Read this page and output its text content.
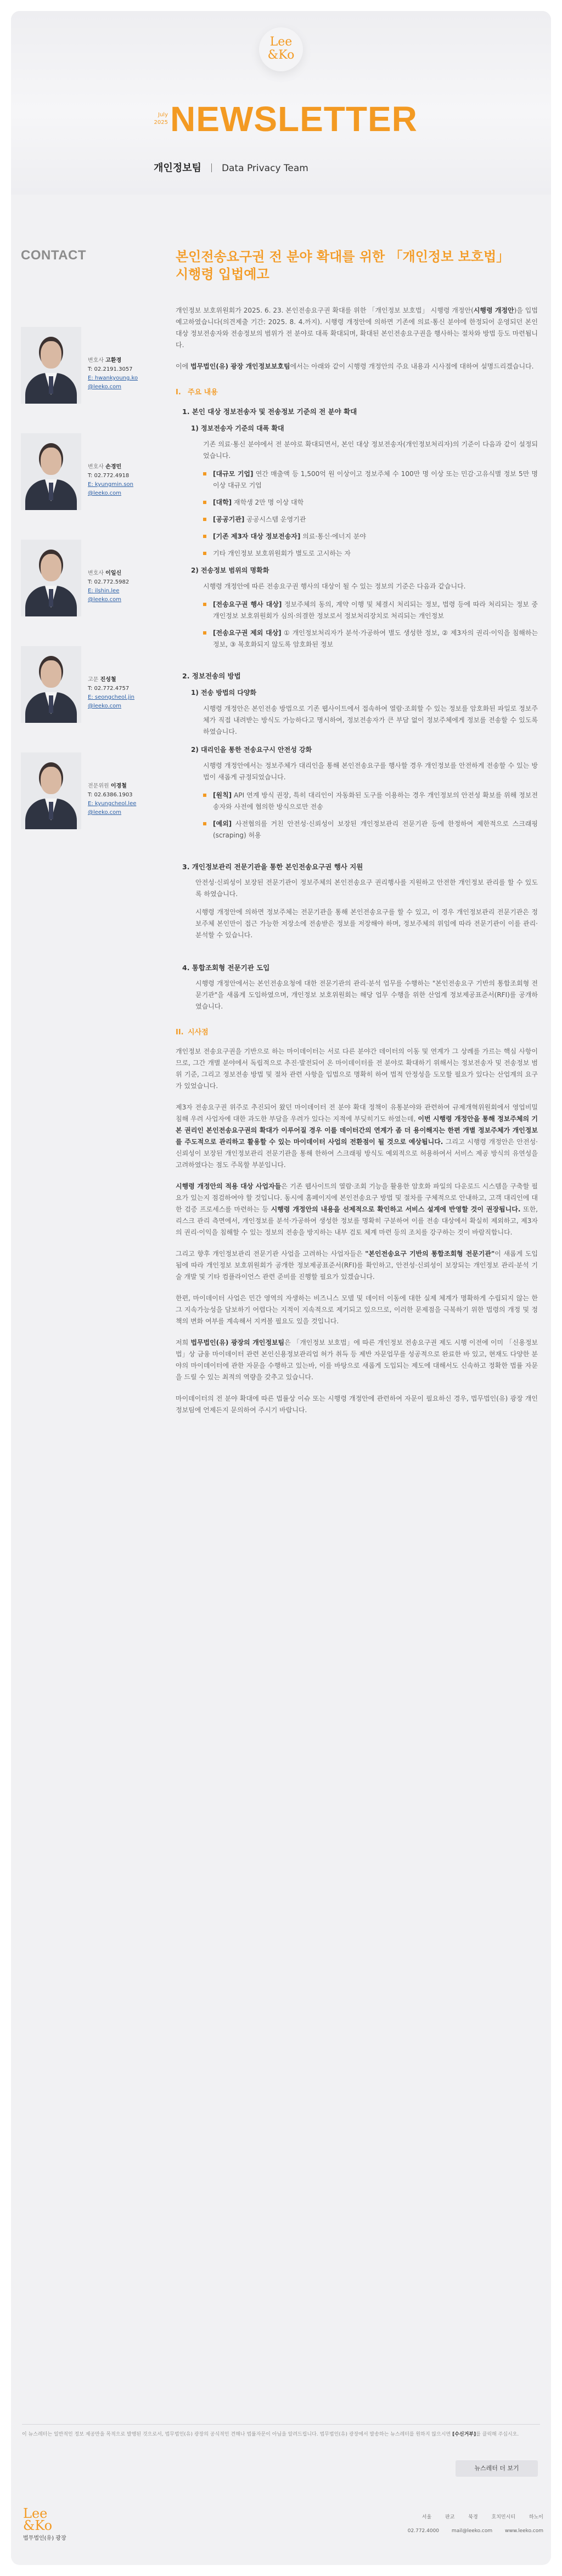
Lee
&Ko
July
2025 NEWSLETTER
개인정보팀 Data Privacy Team
CONTACT
변호사 고환경
T: 02.2191.3057
E: hwankyoung.ko
@leeko.com
변호사 손경민
T: 02.772.4918
E: kyungmin.son
@leeko.com
변호사 이일신
T: 02.772.5982
E: ilshin.lee
@leeko.com
고문 진성철
T: 02.772.4757
E: seongcheol.jin
@leeko.com
전문위원 이경철
T: 02.6386.1903
E: kyungcheol.lee
@leeko.com
본인전송요구권 전 분야 확대를 위한 「개인정보 보호법」
시행령 입법예고

개인정보 보호위원회가 2025. 6. 23. 본인전송요구권 확대를 위한 「개인정보 보호법」 시행령 개정안(시행령 개정안)을 입법예고하였습니다(의견제출 기간: 2025. 8. 4.까지). 시행령 개정안에 의하면 기존에 의료·통신 분야에 한정되어 운영되던 본인 대상 정보전송자와 전송정보의 범위가 전 분야로 대폭 확대되며, 확대된 본인전송요구권을 행사하는 절차와 방법 등도 마련됩니다.

이에 법무법인(유) 광장 개인정보보호팀에서는 아래와 같이 시행령 개정안의 주요 내용과 시사점에 대하여 설명드리겠습니다.

I. 주요 내용
1. 본인 대상 정보전송자 및 전송정보 기준의 전 분야 확대
1) 정보전송자 기준의 대폭 확대

기존 의료·통신 분야에서 전 분야로 확대되면서, 본인 대상 정보전송자(개인정보처리자)의 기준이 다음과 같이 설정되었습니다.

[대규모 기업] 연간 매출액 등 1,500억 원 이상이고 정보주체 수 100만 명 이상 또는 민감·고유식별 정보 5만 명 이상 대규모 기업
[대학] 재학생 2만 명 이상 대학
[공공기관] 공공시스템 운영기관
[기존 제3자 대상 정보전송자] 의료·통신·에너지 분야
기타 개인정보 보호위원회가 별도로 고시하는 자
2) 전송정보 범위의 명확화

시행령 개정안에 따른 전송요구권 행사의 대상이 될 수 있는 정보의 기준은 다음과 같습니다.

[전송요구권 행사 대상] 정보주체의 동의, 계약 이행 및 체결시 처리되는 정보, 법령 등에 따라 처리되는 정보 중 개인정보 보호위원회가 심의·의결한 정보로서 정보처리장치로 처리되는 개인정보
[전송요구권 제외 대상] ① 개인정보처리자가 분석·가공하여 별도 생성한 정보, ② 제3자의 권리·이익을 침해하는 정보, ③ 복호화되지 않도록 암호화된 정보
2. 정보전송의 방법
1) 전송 방법의 다양화

시행령 개정안은 본인전송 방법으로 기존 웹사이트에서 접속하여 열람·조회할 수 있는 정보를 암호화된 파일로 정보주체가 직접 내려받는 방식도 가능하다고 명시하여, 정보전송자가 큰 부담 없이 정보주체에게 정보를 전송할 수 있도록 하였습니다.

2) 대리인을 통한 전송요구시 안전성 강화

시행령 개정안에서는 정보주체가 대리인을 통해 본인전송요구를 행사할 경우 개인정보를 안전하게 전송할 수 있는 방법이 새롭게 규정되었습니다.

[원칙] API 연계 방식 권장, 특히 대리인이 자동화된 도구를 이용하는 경우 개인정보의 안전성 확보를 위해 정보전송자와 사전에 협의한 방식으로만 전송
[예외] 사전협의를 거친 안전성·신뢰성이 보장된 개인정보관리 전문기관 등에 한정하여 제한적으로 스크래핑(scraping) 허용
3. 개인정보관리 전문기관을 통한 본인전송요구권 행사 지원

안전성·신뢰성이 보장된 전문기관이 정보주체의 본인전송요구 권리행사를 지원하고 안전한 개인정보 관리를 할 수 있도록 하였습니다.

시행령 개정안에 의하면 정보주체는 전문기관을 통해 본인전송요구를 할 수 있고, 이 경우 개인정보관리 전문기관은 정보주체 본인만이 접근 가능한 저장소에 전송받은 정보를 저장해야 하며, 정보주체의 위임에 따라 전문기관이 이를 관리·분석할 수 있습니다.

4. 통합조회형 전문기관 도입

시행령 개정안에서는 본인전송요청에 대한 전문기관의 관리·분석 업무를 수행하는 "본인전송요구 기반의 통합조회형 전문기관"을 새롭게 도입하였으며, 개인정보 보호위원회는 해당 업무 수행을 위한 산업계 정보제공표준서(RFI)를 공개하였습니다.

II. 시사점

개인정보 전송요구권을 기반으로 하는 마이데이터는 서로 다른 분야간 데이터의 이동 및 연계가 그 상례를 가르는 핵심 사항이므로, 그간 개별 분야에서 독립적으로 추진·발전되어 온 마이데이터를 전 분야로 확대하기 위해서는 정보전송자 및 전송정보 범위 기준, 그리고 정보전송 방법 및 절차 관련 사항을 입법으로 명확히 하여 법적 안정성을 도모할 필요가 있다는 산업계의 요구가 있었습니다.

제3자 전송요구권 위주로 추진되어 왔던 마이데이터 전 분야 확대 정책이 유통분야와 관련하여 규제개혁위원회에서 영업비밀 침해 우려 사업자에 대한 과도한 부담을 우려가 있다는 지적에 부딪히기도 하였는데, 이번 시행령 개정안을 통해 정보주체의 기본 권리인 본인전송요구권의 확대가 이루어질 경우 이를 데이터간의 연계가 좀 더 용이해지는 한편 개별 정보주체가 개인정보를 주도적으로 관리하고 활용할 수 있는 마이데이터 사업의 전환점이 될 것으로 예상됩니다. 그리고 시행령 개정안은 안전성·신뢰성이 보장된 개인정보관리 전문기관을 통해 한하여 스크래핑 방식도 예외적으로 허용하여서 서비스 제공 방식의 유연성을 고려하였다는 점도 주목할 부분입니다.

시행령 개정안의 적용 대상 사업자들은 기존 웹사이트의 열람·조회 기능을 활용한 암호화 파일의 다운로드 시스템을 구축할 필요가 있는지 점검하여야 할 것입니다. 동시에 홈페이지에 본인전송요구 방법 및 절차를 구체적으로 안내하고, 고객 대리인에 대한 검증 프로세스를 마련하는 등 시행령 개정안의 내용을 선제적으로 확인하고 서비스 설계에 반영할 것이 권장됩니다. 또한, 리스크 관리 측면에서, 개인정보를 분석·가공하여 생성한 정보를 명확히 구분하여 이를 전송 대상에서 확실히 제외하고, 제3자의 권리·이익을 침해할 수 있는 정보의 전송을 방지하는 내부 검토 체계 마련 등의 조치를 강구하는 것이 바람직합니다.

그리고 향후 개인정보관리 전문기관 사업을 고려하는 사업자들은 "본인전송요구 기반의 통합조회형 전문기관"이 새롭게 도입됨에 따라 개인정보 보호위원회가 공개한 정보제공표준서(RFI)를 확인하고, 안전성·신뢰성이 보장되는 개인정보 관리·분석 기술 개발 및 기타 컴플라이언스 관련 준비를 진행할 필요가 있겠습니다.

한편, 마이데이터 사업은 민간 영역의 자생하는 비즈니스 모델 및 데이터 이동에 대한 실제 체계가 명확하게 수립되지 않는 한 그 지속가능성을 담보하기 어렵다는 지적이 지속적으로 제기되고 있으므로, 이러한 문제점을 극복하기 위한 법령의 개정 및 정책의 변화 여부를 계속해서 지켜볼 필요도 있을 것입니다.

저희 법무법인(유) 광장의 개인정보팀은 「개인정보 보호법」에 따른 개인정보 전송요구권 제도 시행 이전에 이미 「신용정보법」상 금융 마이데이터 관련 본인신용정보관리업 허가 취득 등 제반 자문업무를 성공적으로 완료한 바 있고, 현재도 다양한 분야의 마이데이터에 관한 자문을 수행하고 있는바, 이를 바탕으로 새롭게 도입되는 제도에 대해서도 신속하고 정확한 법률 자문을 드릴 수 있는 최적의 역량을 갖추고 있습니다.

마이데이터의 전 분야 확대에 따른 법률상 이슈 또는 시행령 개정안에 관련하여 자문이 필요하신 경우, 법무법인(유) 광장 개인정보팀에 언제든지 문의하여 주시기 바랍니다.

이 뉴스레터는 일반적인 정보 제공만을 목적으로 발행된 것으로서, 법무법인(유) 광장의 공식적인 견해나 법률자문이 아님을 알려드립니다. 법무법인(유) 광장에서 발송하는 뉴스레터를 원하지 않으시면 [수신거부]를 클릭해 주십시오.

뉴스레터 더 보기
Lee
&Ko
법무법인(유) 광장
서울	판교	북경	호치민시티	하노이
02.772.4000	mail@leeko.com	www.leeko.com
